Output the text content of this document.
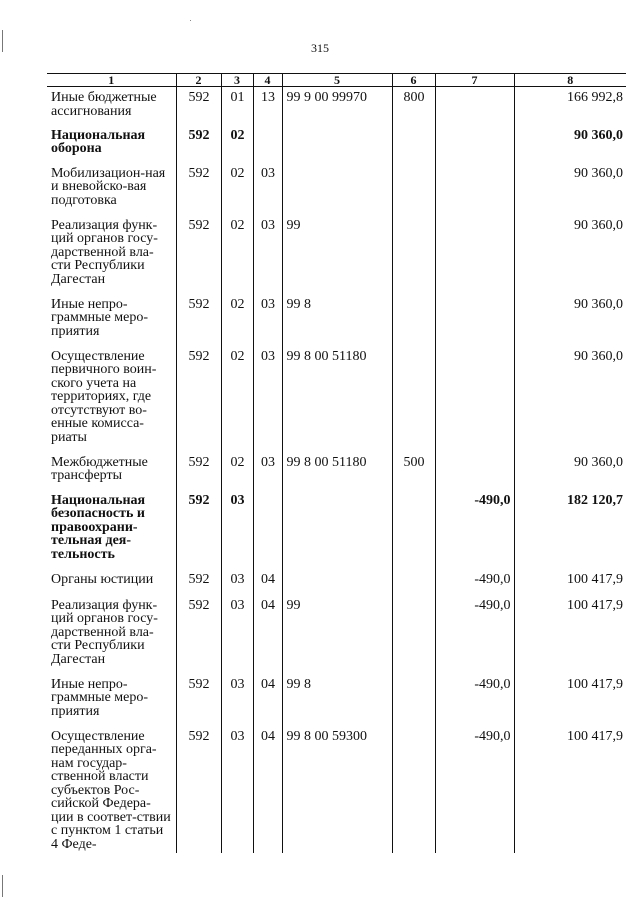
315
1	2	3	4	5	6	7	8
Иные бюджетные ассигнования	592	01	13	99 9 00 99970	800		166 992,8
Национальная оборона	592	02					90 360,0
Мобилизацион-ная и вневойско-вая подготовка	592	02	03				90 360,0
Реализация функ-ций органов госу-дарственной вла-сти Республики Дагестан	592	02	03	99			90 360,0
Иные непро-граммные меро-приятия	592	02	03	99 8			90 360,0
Осуществление первичного воин-ского учета на территориях, где отсутствуют во-енные комисса-риаты	592	02	03	99 8 00 51180			90 360,0
Межбюджетные трансферты	592	02	03	99 8 00 51180	500		90 360,0
Национальная безопасность и правоохрани-тельная дея-тельность	592	03				-490,0	182 120,7
Органы юстиции	592	03	04			-490,0	100 417,9
Реализация функ-ций органов госу-дарственной вла-сти Республики Дагестан	592	03	04	99		-490,0	100 417,9
Иные непро-граммные меро-приятия	592	03	04	99 8		-490,0	100 417,9
Осуществление переданных орга-нам государ-ственной власти субъектов Рос-сийской Федера-ции в соответ-ствии с пунктом 1 статьи 4 Феде-	592	03	04	99 8 00 59300		-490,0	100 417,9
